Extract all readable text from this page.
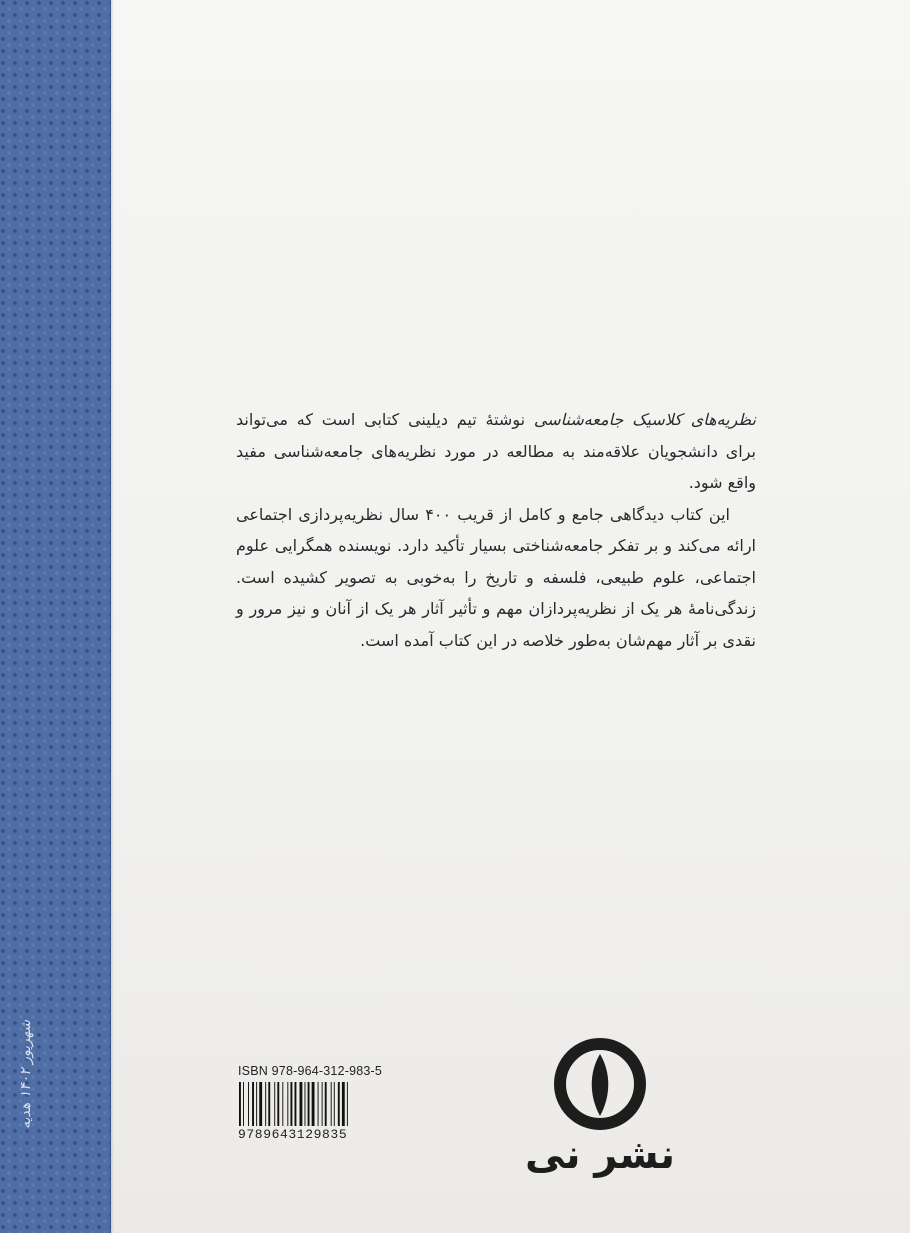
شهریور ۱۴۰۲ هدیه

نظریه‌های کلاسیک جامعه‌شناسی نوشتهٔ تیم دیلینی کتابی است که می‌تواند برای دانشجویان علاقه‌مند به مطالعه در مورد نظریه‌های جامعه‌شناسی مفید واقع شود.

این کتاب دیدگاهی جامع و کامل از قریب ۴۰۰ سال نظریه‌پردازی اجتماعی ارائه می‌کند و بر تفکر جامعه‌شناختی بسیار تأکید دارد. نویسنده همگرایی علوم اجتماعی، علوم طبیعی، فلسفه و تاریخ را به‌خوبی به تصویر کشیده است. زندگی‌نامهٔ هر یک از نظریه‌پردازان مهم و تأثیر آثار هر یک از آنان و نیز مرور و نقدی بر آثار مهم‌شان به‌طور خلاصه در این کتاب آمده است.

ISBN 978-964-312-983-5
9789643129835	نشر نی
